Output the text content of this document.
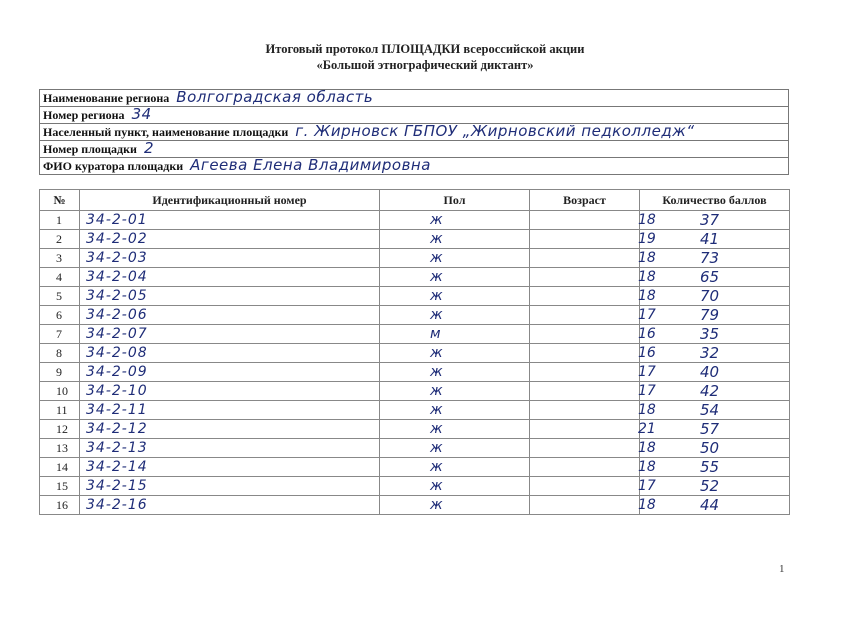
Итоговый протокол ПЛОЩАДКИ всероссийской акции
«Большой этнографический диктант»
Наименование региона Волгоградская область
Номер региона 34
Населенный пункт, наименование площадки г. Жирновск ГБПОУ „Жирновский педколледж“
Номер площадки 2
ФИО куратора площадки Агеева Елена Владимировна
№	Идентификационный номер	Пол	Возраст	Количество баллов
1	34-2-01	ж	18	37
2	34-2-02	ж	19	41
3	34-2-03	ж	18	73
4	34-2-04	ж	18	65
5	34-2-05	ж	18	70
6	34-2-06	ж	17	79
7	34-2-07	м	16	35
8	34-2-08	ж	16	32
9	34-2-09	ж	17	40
10	34-2-10	ж	17	42
11	34-2-11	ж	18	54
12	34-2-12	ж	21	57
13	34-2-13	ж	18	50
14	34-2-14	ж	18	55
15	34-2-15	ж	17	52
16	34-2-16	ж	18	44
1
